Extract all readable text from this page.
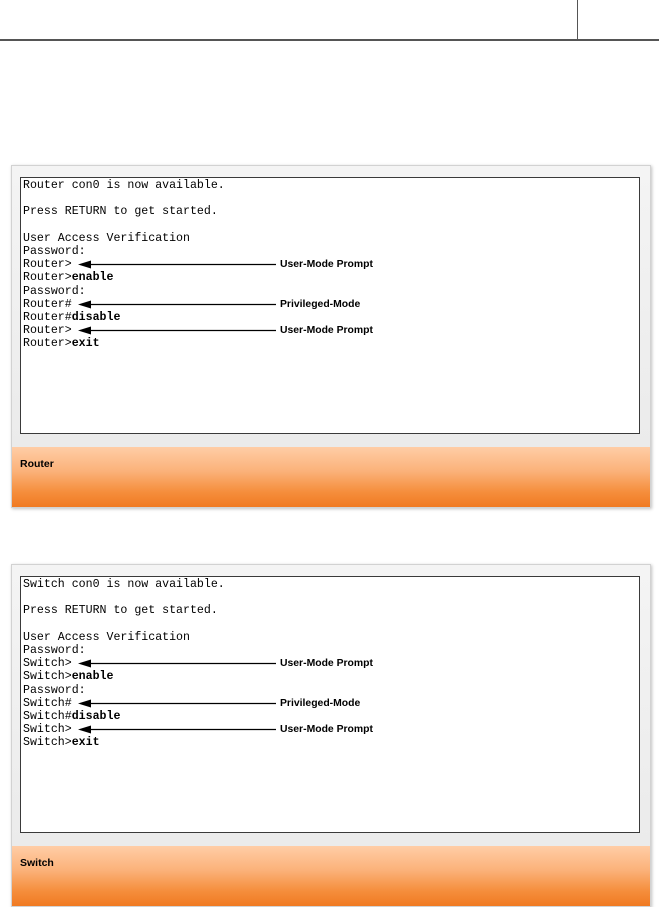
Router con0 is now available.
Press RETURN to get started.
User Access Verification
Password:
Router>
Router>enable
Password:
Router#
Router#disable
Router>
Router>exit
User-Mode Prompt
Privileged-Mode
User-Mode Prompt
Router
Switch con0 is now available.
Press RETURN to get started.
User Access Verification
Password:
Switch>
Switch>enable
Password:
Switch#
Switch#disable
Switch>
Switch>exit
User-Mode Prompt
Privileged-Mode
User-Mode Prompt
Switch
